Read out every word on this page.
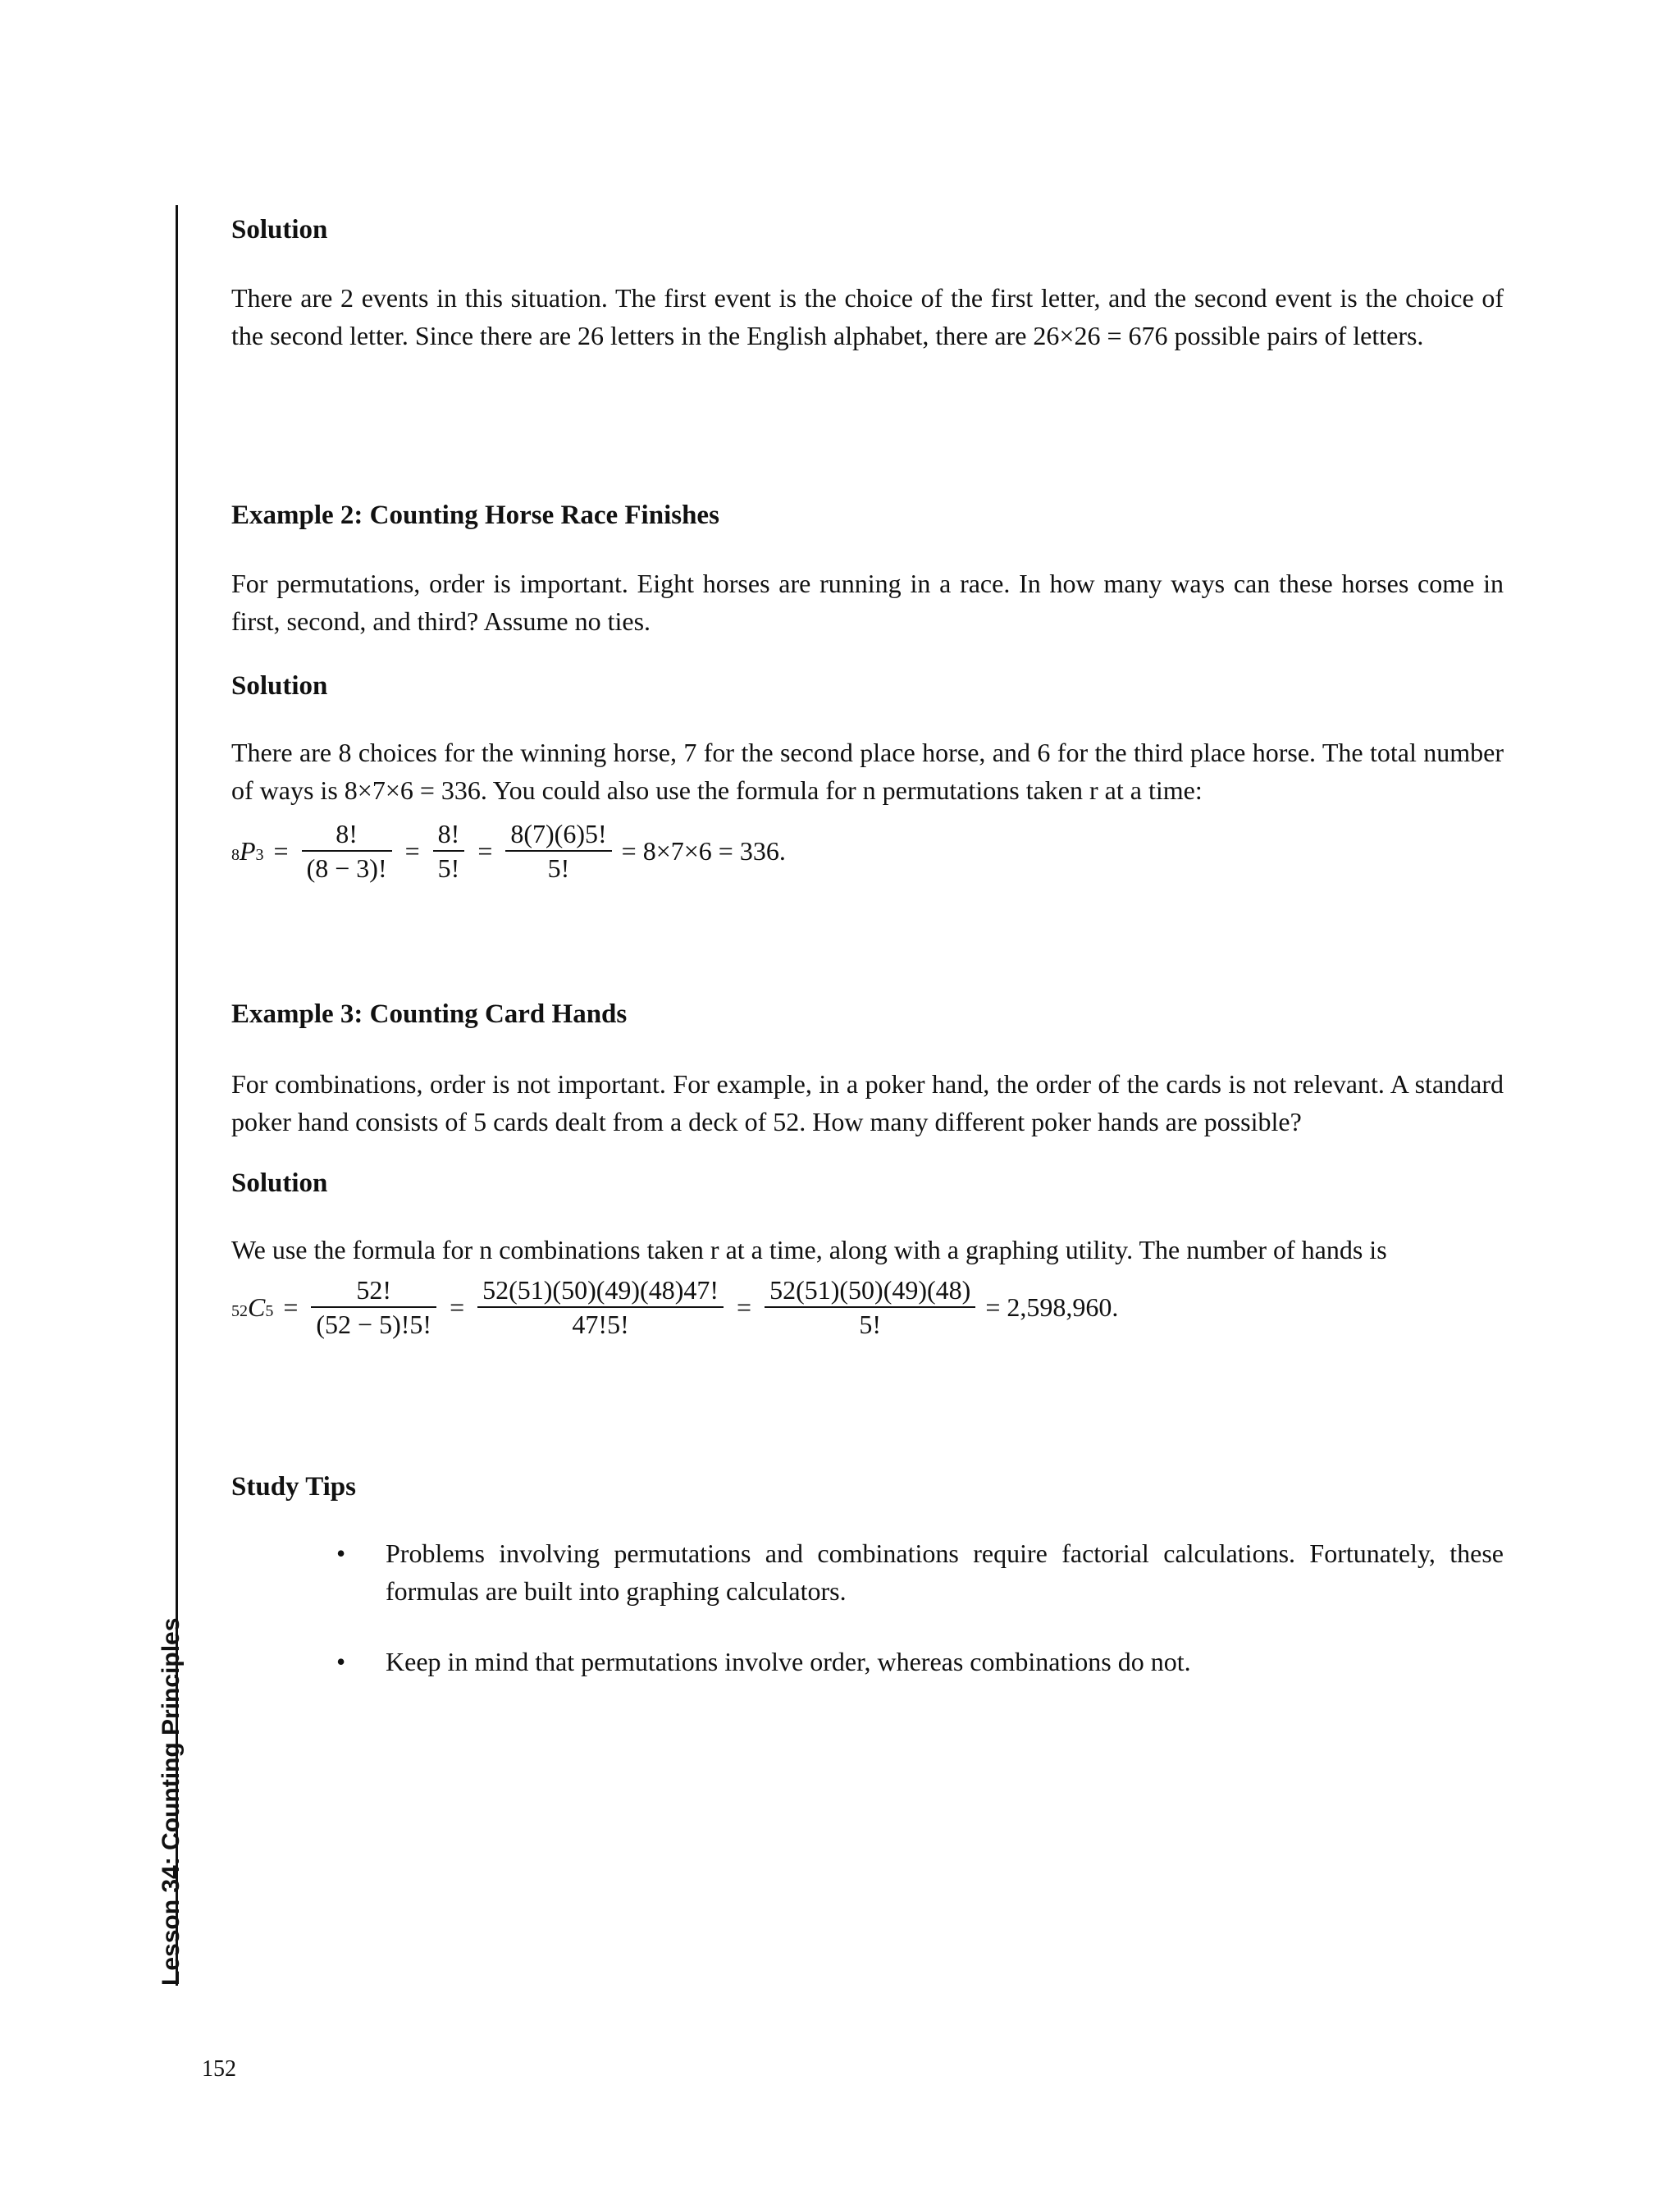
Lesson 34: Counting Principles
152
Solution
There are 2 events in this situation. The first event is the choice of the first letter, and the second event is the choice of the second letter. Since there are 26 letters in the English alphabet, there are 26×26 = 676 possible pairs of letters.
Example 2: Counting Horse Race Finishes
For permutations, order is important. Eight horses are running in a race. In how many ways can these horses come in first, second, and third? Assume no ties.
Solution
There are 8 choices for the winning horse, 7 for the second place horse, and 6 for the third place horse. The total number of ways is 8×7×6 = 336. You could also use the formula for n permutations taken r at a time:
$8P3 = \frac{8!}{(8 - 3)!} = \frac{8!}{5!} = \frac{8(7)(6)5!}{5!} = 8\times 7\times 6 = 336$.
Example 3: Counting Card Hands
For combinations, order is not important. For example, in a poker hand, the order of the cards is not relevant. A standard poker hand consists of 5 cards dealt from a deck of 52. How many different poker hands are possible?
Solution
We use the formula for n combinations taken r at a time, along with a graphing utility. The number of hands is
$52C5 = \frac{52!}{(52 - 5)!5!} = \frac{52(51)(50)(49)(48)47!}{47!5!} = \frac{52(51)(50)(49)(48)}{5!} = 2,598,960$.
Study Tips
• Problems involving permutations and combinations require factorial calculations. Fortunately, these formulas are built into graphing calculators.
• Keep in mind that permutations involve order, whereas combinations do not.
